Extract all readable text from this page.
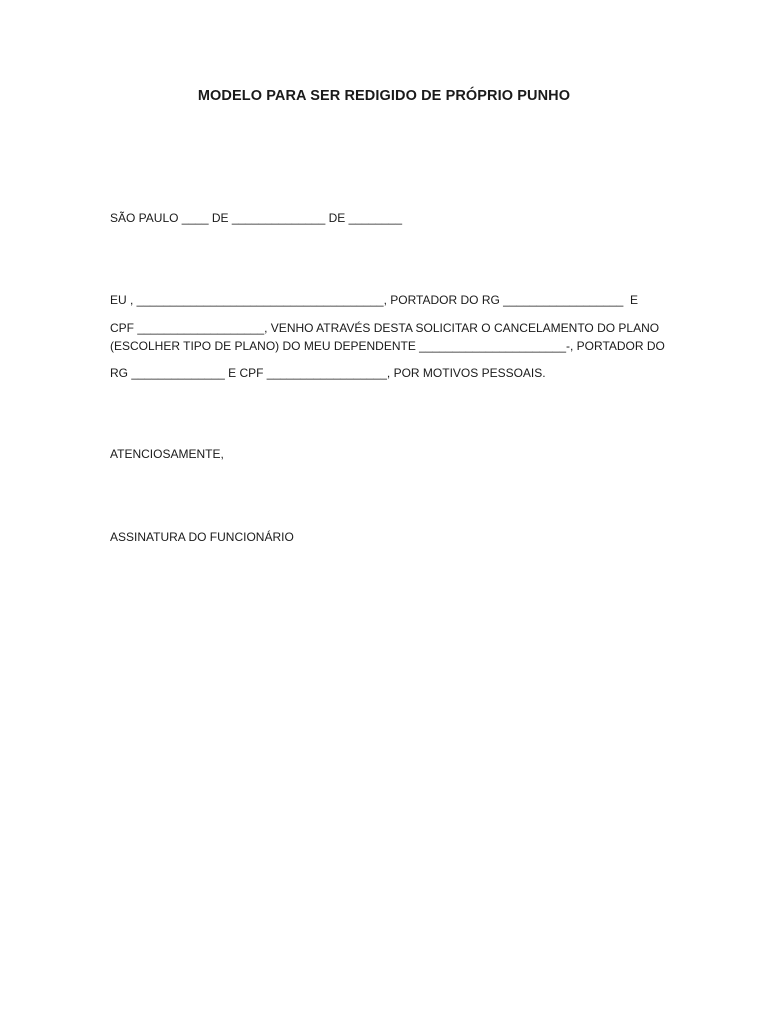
MODELO PARA SER REDIGIDO DE PRÓPRIO PUNHO
SÃO PAULO ____ DE ______________ DE ________
EU , _____________________________________, PORTADOR DO RG __________________  E
CPF ___________________, VENHO ATRAVÉS DESTA SOLICITAR O CANCELAMENTO DO PLANO
(ESCOLHER TIPO DE PLANO) DO MEU DEPENDENTE ______________________-, PORTADOR DO
RG ______________ E CPF __________________, POR MOTIVOS PESSOAIS.
ATENCIOSAMENTE,
ASSINATURA DO FUNCIONÁRIO
